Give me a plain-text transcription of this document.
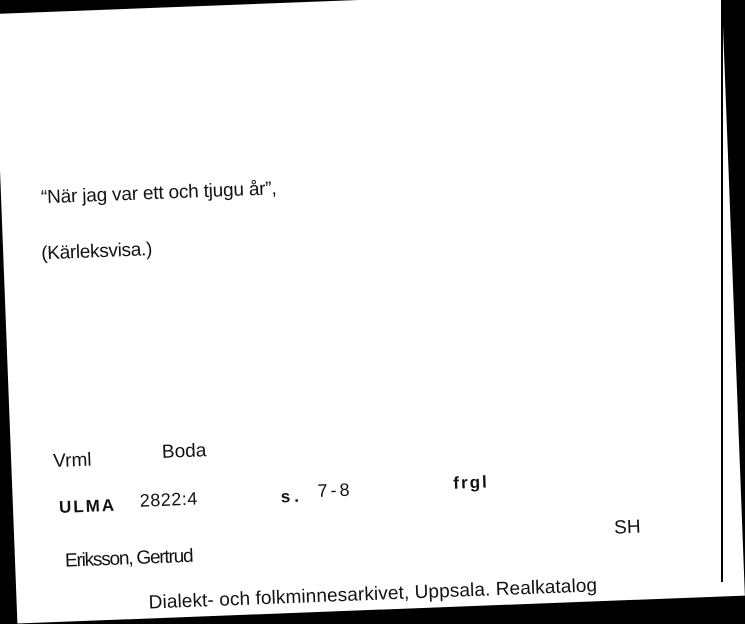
“När jag var ett och tjugu år”,
(Kärleksvisa.)
Vrml	Boda
ULMA 2822:4	s. 7-8	frgl
Eriksson, Gertrud
SH
Dialekt- och folkminnesarkivet, Uppsala. Realkatalog
